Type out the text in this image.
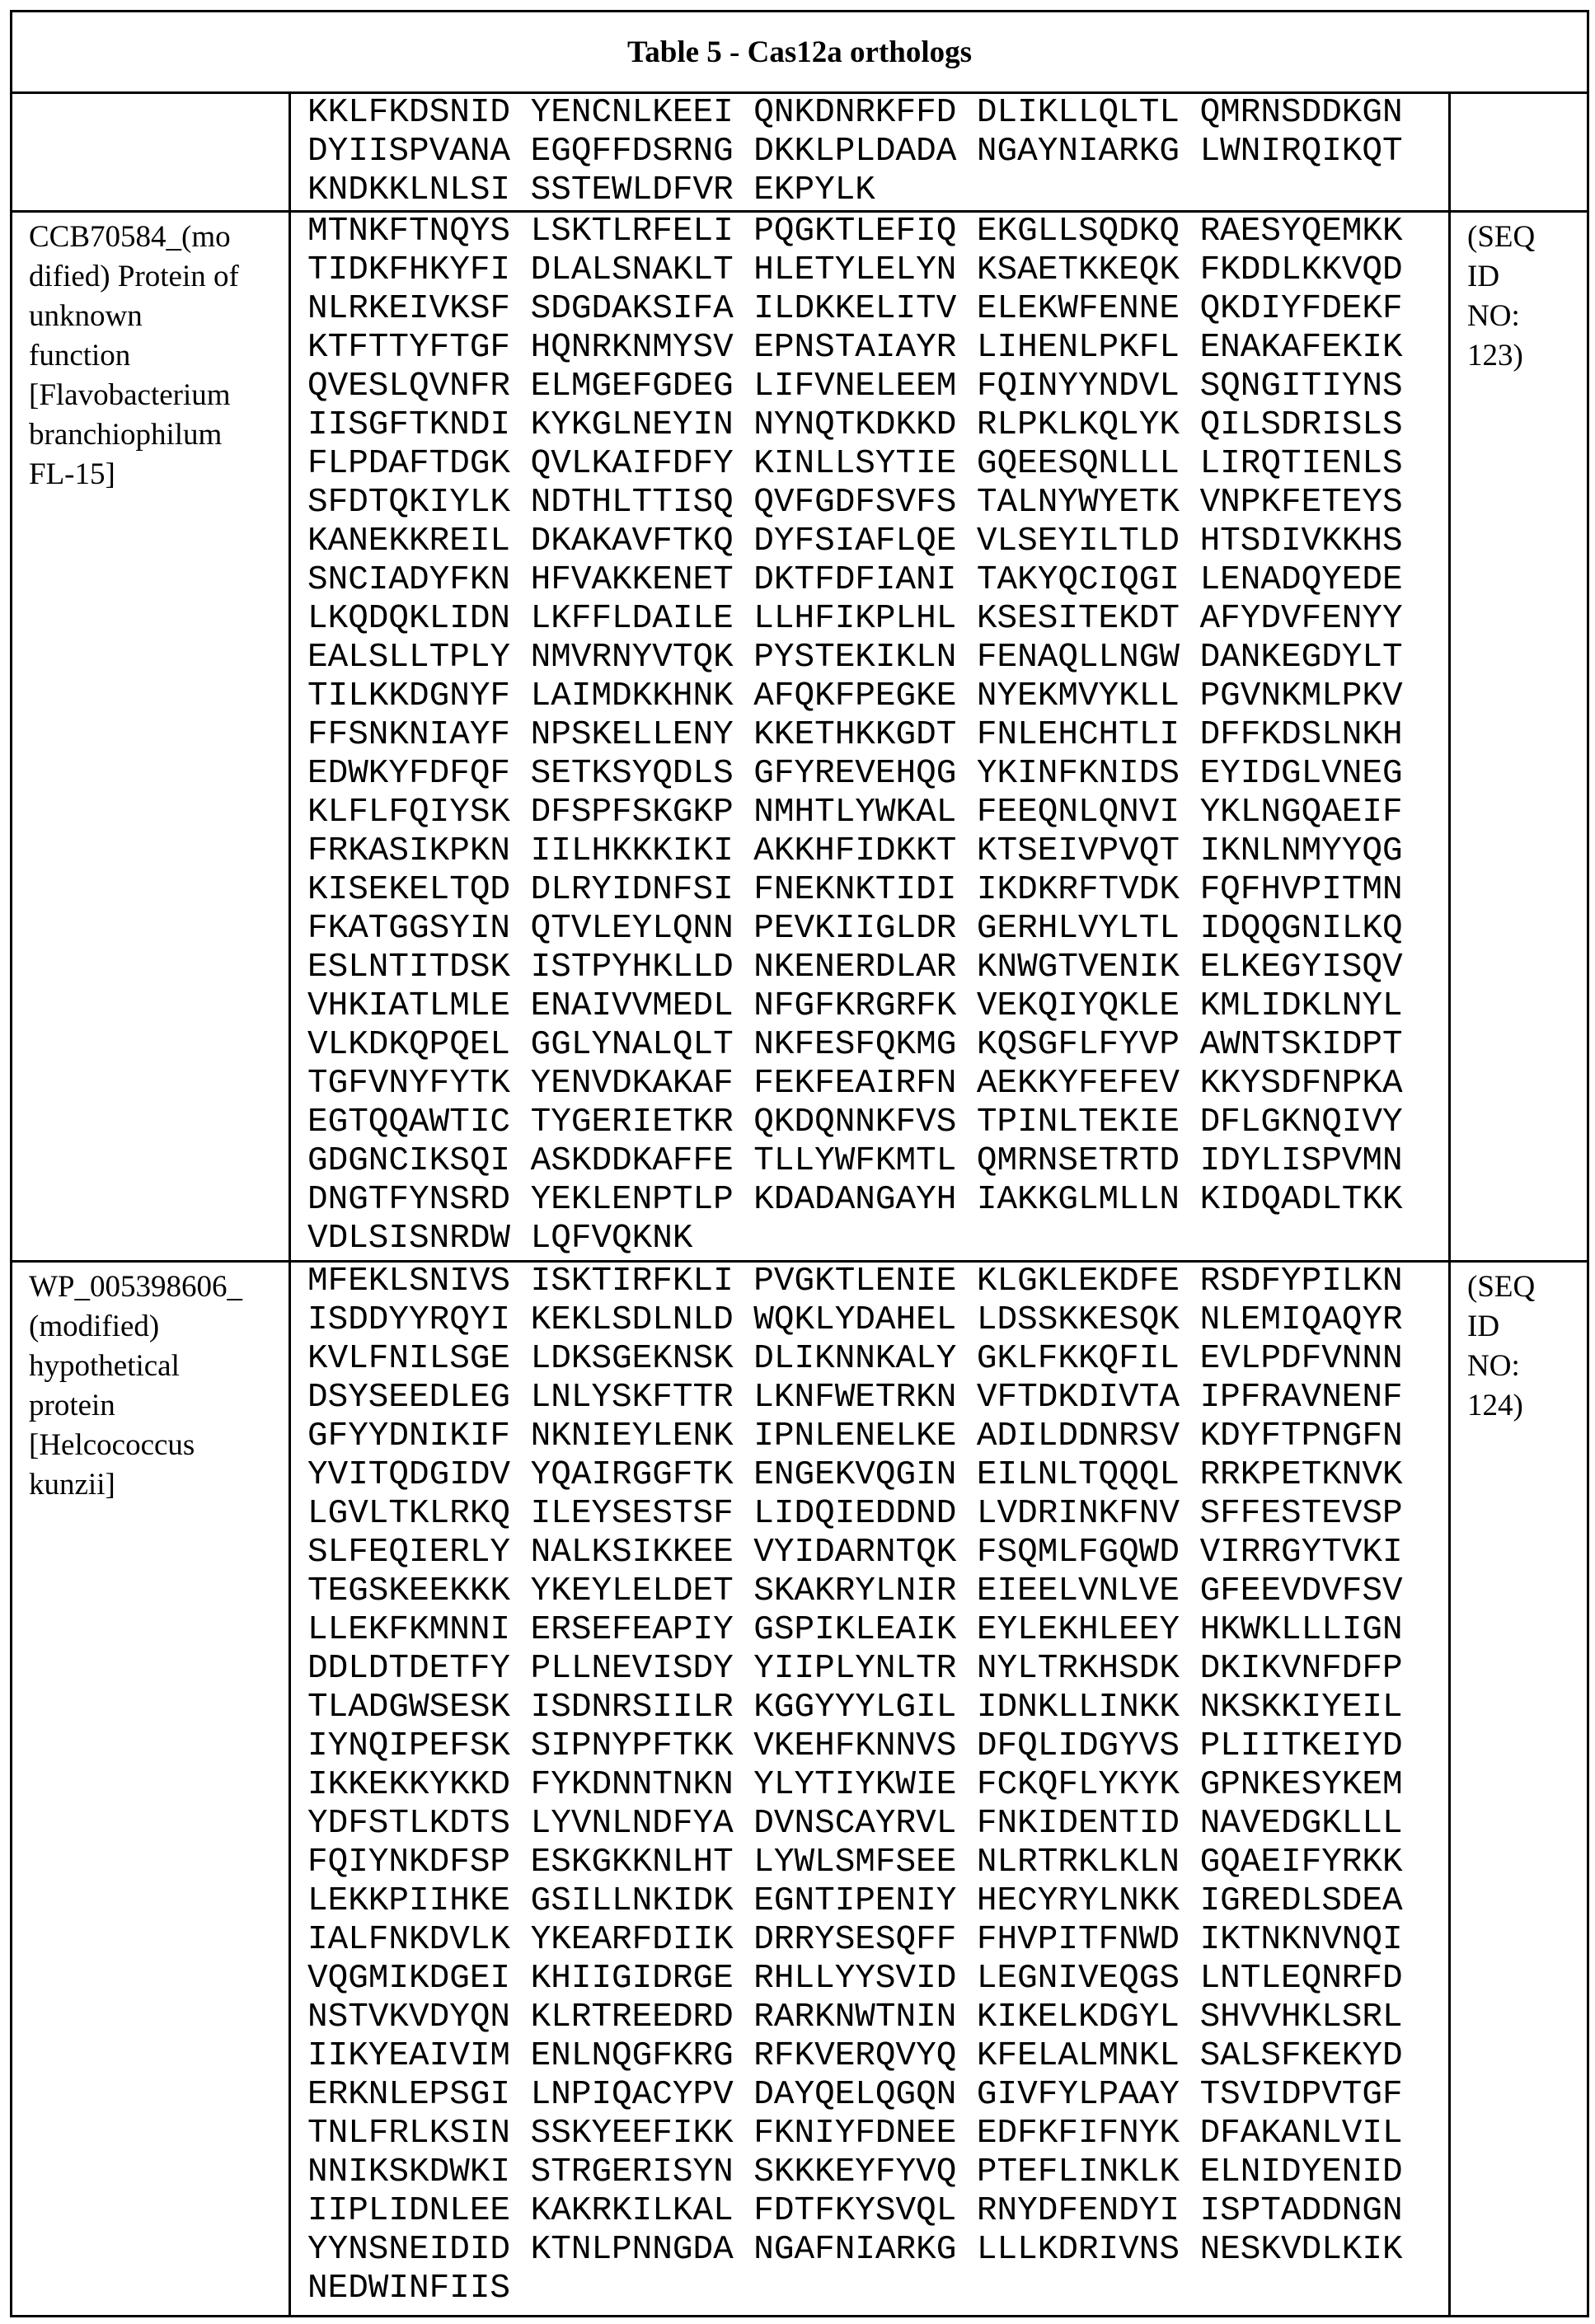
Table 5 - Cas12a orthologs

KKLFKDSNID YENCNLKEEI QNKDNRKFFD DLIKLLQLTL QMRNSDDKGN
DYIISPVANA EGQFFDSRNG DKKLPLDADA NGAYNIARKG LWNIRQIKQT
KNDKKLNLSI SSTEWLDFVR EKPYLK

CCB70584_(mo
dified) Protein of
unknown
function
[Flavobacterium
branchiophilum
FL-15]

MTNKFTNQYS LSKTLRFELI PQGKTLEFIQ EKGLLSQDKQ RAESYQEMKK
TIDKFHKYFI DLALSNAKLT HLETYLELYN KSAETKKEQK FKDDLKKVQD
NLRKEIVKSF SDGDAKSIFA ILDKKELITV ELEKWFENNE QKDIYFDEKF
KTFTTYFTGF HQNRKNMYSV EPNSTAIAYR LIHENLPKFL ENAKAFEKIK
QVESLQVNFR ELMGEFGDEG LIFVNELEEM FQINYYNDVL SQNGITIYNS
IISGFTKNDI KYKGLNEYIN NYNQTKDKKD RLPKLKQLYK QILSDRISLS
FLPDAFTDGK QVLKAIFDFY KINLLSYTIE GQEESQNLLL LIRQTIENLS
SFDTQKIYLK NDTHLTTISQ QVFGDFSVFS TALNYWYETK VNPKFETEYS
KANEKKREIL DKAKAVFTKQ DYFSIAFLQE VLSEYILTLD HTSDIVKKHS
SNCIADYFKN HFVAKKENET DKTFDFIANI TAKYQCIQGI LENADQYEDE
LKQDQKLIDN LKFFLDAILE LLHFIKPLHL KSESITEKDT AFYDVFENYY
EALSLLTPLY NMVRNYVTQK PYSTEKIKLN FENAQLLNGW DANKEGDYLT
TILKKDGNYF LAIMDKKHNK AFQKFPEGKE NYEKMVYKLL PGVNKMLPKV
FFSNKNIAYF NPSKELLENY KKETHKKGDT FNLEHCHTLI DFFKDSLNKH
EDWKYFDFQF SETKSYQDLS GFYREVEHQG YKINFKNIDS EYIDGLVNEG
KLFLFQIYSK DFSPFSKGKP NMHTLYWKAL FEEQNLQNVI YKLNGQAEIF
FRKASIKPKN IILHKKKIKI AKKHFIDKKT KTSEIVPVQT IKNLNMYYQG
KISEKELTQD DLRYIDNFSI FNEKNKTIDI IKDKRFTVDK FQFHVPITMN
FKATGGSYIN QTVLEYLQNN PEVKIIGLDR GERHLVYLTL IDQQGNILKQ
ESLNTITDSK ISTPYHKLLD NKENERDLAR KNWGTVENIK ELKEGYISQV
VHKIATLMLE ENAIVVMEDL NFGFKRGRFK VEKQIYQKLE KMLIDKLNYL
VLKDKQPQEL GGLYNALQLT NKFESFQKMG KQSGFLFYVP AWNTSKIDPT
TGFVNYFYTK YENVDKAKAF FEKFEAIRFN AEKKYFEFEV KKYSDFNPKA
EGTQQAWTIC TYGERIETKR QKDQNNKFVS TPINLTEKIE DFLGKNQIVY
GDGNCIKSQI ASKDDKAFFE TLLYWFKMTL QMRNSETRTD IDYLISPVMN
DNGTFYNSRD YEKLENPTLP KDADANGAYH IAKKGLMLLN KIDQADLTKK
VDLSISNRDW LQFVQKNK

(SEQ
ID
NO:
123)

WP_005398606_
(modified)
hypothetical
protein
[Helcococcus
kunzii]

MFEKLSNIVS ISKTIRFKLI PVGKTLENIE KLGKLEKDFE RSDFYPILKN
ISDDYYRQYI KEKLSDLNLD WQKLYDAHEL LDSSKKESQK NLEMIQAQYR
KVLFNILSGE LDKSGEKNSK DLIKNNKALY GKLFKKQFIL EVLPDFVNNN
DSYSEEDLEG LNLYSKFTTR LKNFWETRKN VFTDKDIVTA IPFRAVNENF
GFYYDNIKIF NKNIEYLENK IPNLENELKE ADILDDNRSV KDYFTPNGFN
YVITQDGIDV YQAIRGGFTK ENGEKVQGIN EILNLTQQQL RRKPETKNVK
LGVLTKLRKQ ILEYSESTSF LIDQIEDDND LVDRINKFNV SFFESTEVSP
SLFEQIERLY NALKSIKKEE VYIDARNTQK FSQMLFGQWD VIRRGYTVKI
TEGSKEEKKK YKEYLELDET SKAKRYLNIR EIEELVNLVE GFEEVDVFSV
LLEKFKMNNI ERSEFEAPIY GSPIKLEAIK EYLEKHLEEY HKWKLLLIGN
DDLDTDETFY PLLNEVISDY YIIPLYNLTR NYLTRKHSDK DKIKVNFDFP
TLADGWSESK ISDNRSIILR KGGYYYLGIL IDNKLLINKK NKSKKIYEIL
IYNQIPEFSK SIPNYPFTKK VKEHFKNNVS DFQLIDGYVS PLIITKEIYD
IKKEKKYKKD FYKDNNTNKN YLYTIYKWIE FCKQFLYKYK GPNKESYKEM
YDFSTLKDTS LYVNLNDFYA DVNSCAYRVL FNKIDENTID NAVEDGKLLL
FQIYNKDFSP ESKGKKNLHT LYWLSMFSEE NLRTRKLKLN GQAEIFYRKK
LEKKPIIHKE GSILLNKIDK EGNTIPENIY HECYRYLNKK IGREDLSDEA
IALFNKDVLK YKEARFDIIK DRRYSESQFF FHVPITFNWD IKTNKNVNQI
VQGMIKDGEI KHIIGIDRGE RHLLYYSVID LEGNIVEQGS LNTLEQNRFD
NSTVKVDYQN KLRTREEDRD RARKNWTNIN KIKELKDGYL SHVVHKLSRL
IIKYEAIVIM ENLNQGFKRG RFKVERQVYQ KFELALMNKL SALSFKEKYD
ERKNLEPSGI LNPIQACYPV DAYQELQGQN GIVFYLPAAY TSVIDPVTGF
TNLFRLKSIN SSKYEEFIKK FKNIYFDNEE EDFKFIFNYK DFAKANLVIL
NNIKSKDWKI STRGERISYN SKKKEYFYVQ PTEFLINKLK ELNIDYENID
IIPLIDNLEE KAKRKILKAL FDTFKYSVQL RNYDFENDYI ISPTADDNGN
YYNSNEIDID KTNLPNNGDA NGAFNIARKG LLLKDRIVNS NESKVDLKIK
NEDWINFIIS

(SEQ
ID
NO:
124)
